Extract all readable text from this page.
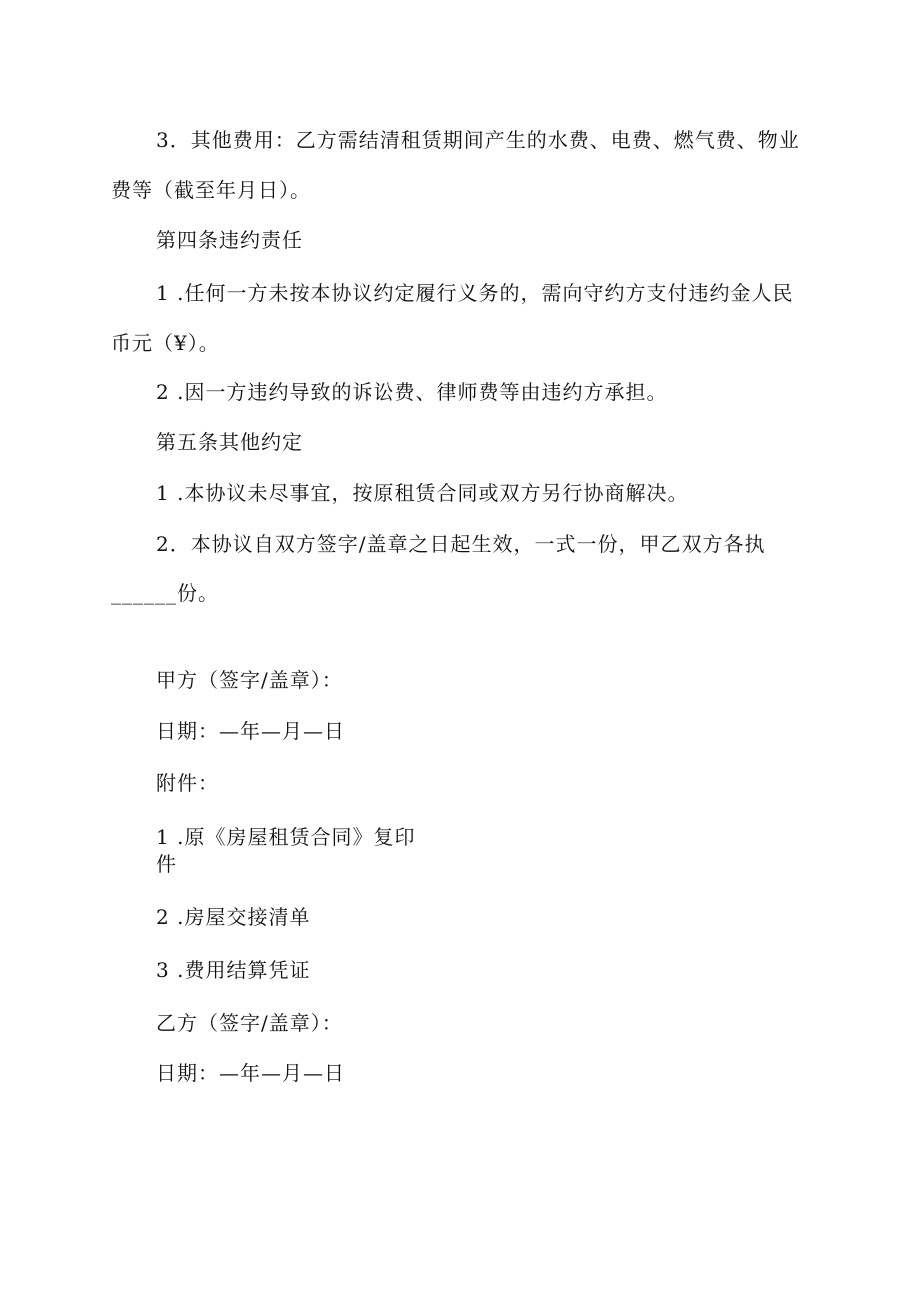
3．其他费用：乙方需结清租赁期间产生的水费、电费、燃气费、物业
费等（截至年月日）。
第四条违约责任
1 .任何一方未按本协议约定履行义务的，需向守约方支付违约金人民
币元（¥）。
2 .因一方违约导致的诉讼费、律师费等由违约方承担。
第五条其他约定
1 .本协议未尽事宜，按原租赁合同或双方另行协商解决。
2．本协议自双方签字/盖章之日起生效，一式一份，甲乙双方各执
______份。
甲方（签字/盖章）：
日期：—年—月—日
附件：
1 .原《房屋租赁合同》复印
件
2 .房屋交接清单
3 .费用结算凭证
乙方（签字/盖章）：
日期：—年—月—日
